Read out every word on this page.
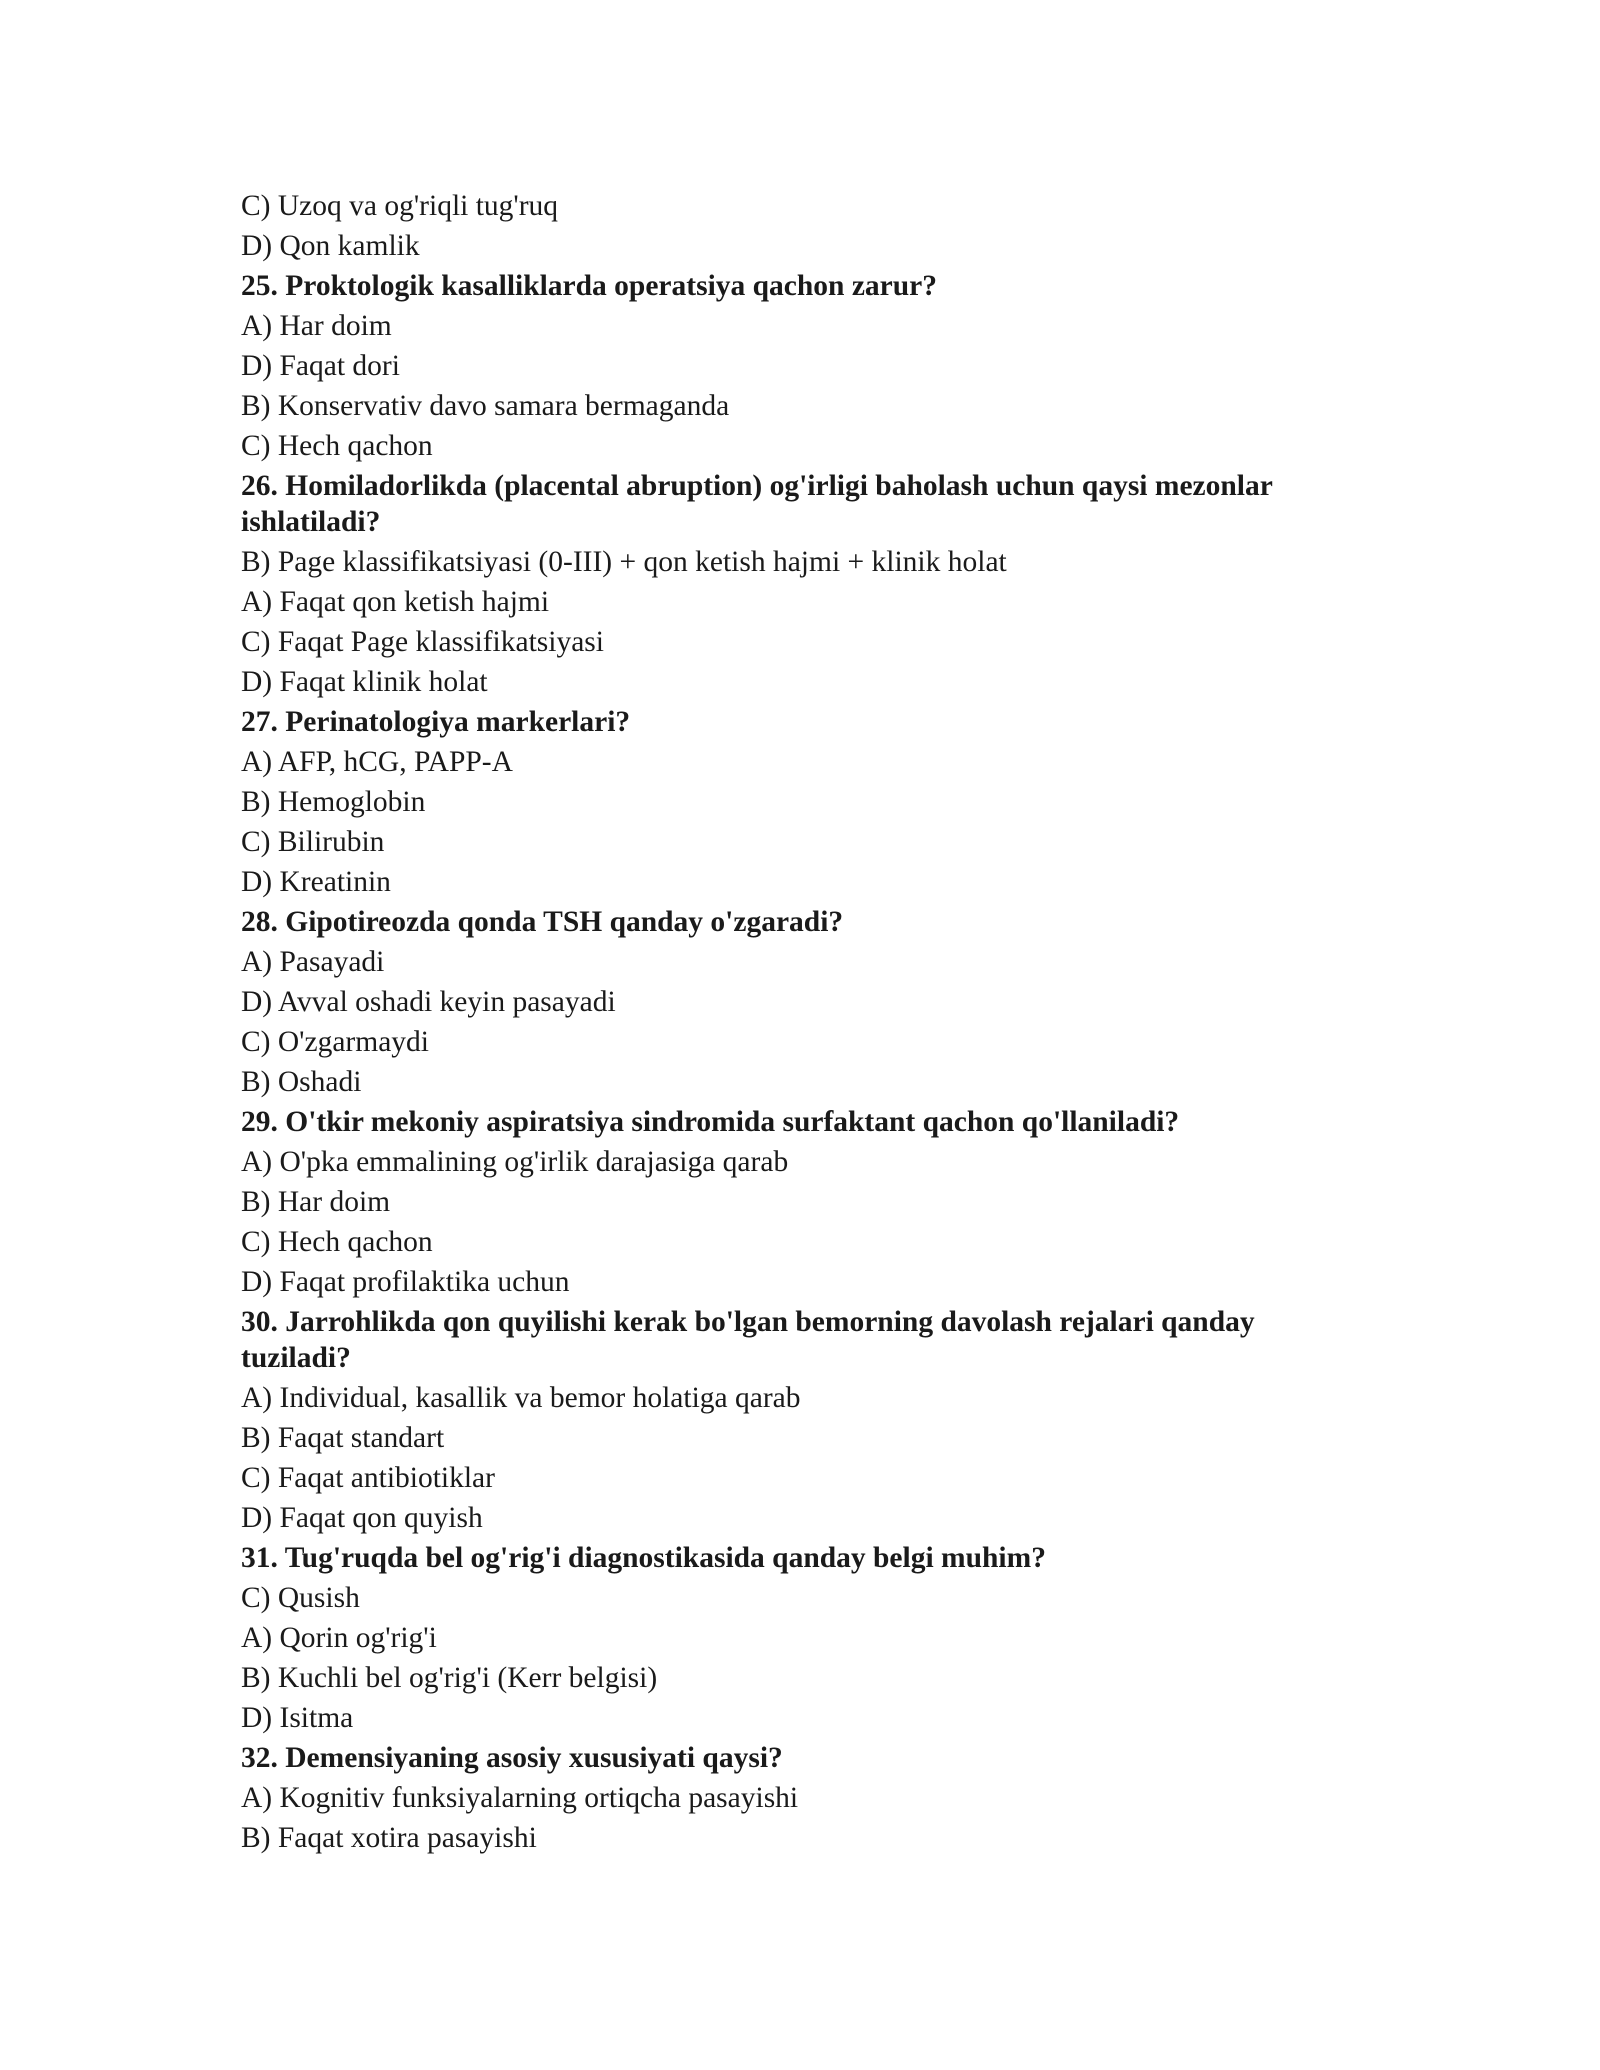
C) Uzoq va og'riqli tug'ruq

D) Qon kamlik

25. Proktologik kasalliklarda operatsiya qachon zarur?

A) Har doim

D) Faqat dori

B) Konservativ davo samara bermaganda

C) Hech qachon

26. Homiladorlikda (placental abruption) og'irligi baholash uchun qaysi mezonlar ishlatiladi?

B) Page klassifikatsiyasi (0-III) + qon ketish hajmi + klinik holat

A) Faqat qon ketish hajmi

C) Faqat Page klassifikatsiyasi

D) Faqat klinik holat

27. Perinatologiya markerlari?

A) AFP, hCG, PAPP-A

B) Hemoglobin

C) Bilirubin

D) Kreatinin

28. Gipotireozda qonda TSH qanday o'zgaradi?

A) Pasayadi

D) Avval oshadi keyin pasayadi

C) O'zgarmaydi

B) Oshadi

29. O'tkir mekoniy aspiratsiya sindromida surfaktant qachon qo'llaniladi?

A) O'pka emmalining og'irlik darajasiga qarab

B) Har doim

C) Hech qachon

D) Faqat profilaktika uchun

30. Jarrohlikda qon quyilishi kerak bo'lgan bemorning davolash rejalari qanday tuziladi?

A) Individual, kasallik va bemor holatiga qarab

B) Faqat standart

C) Faqat antibiotiklar

D) Faqat qon quyish

31. Tug'ruqda bel og'rig'i diagnostikasida qanday belgi muhim?

C) Qusish

A) Qorin og'rig'i

B) Kuchli bel og'rig'i (Kerr belgisi)

D) Isitma

32. Demensiyaning asosiy xususiyati qaysi?

A) Kognitiv funksiyalarning ortiqcha pasayishi

B) Faqat xotira pasayishi
